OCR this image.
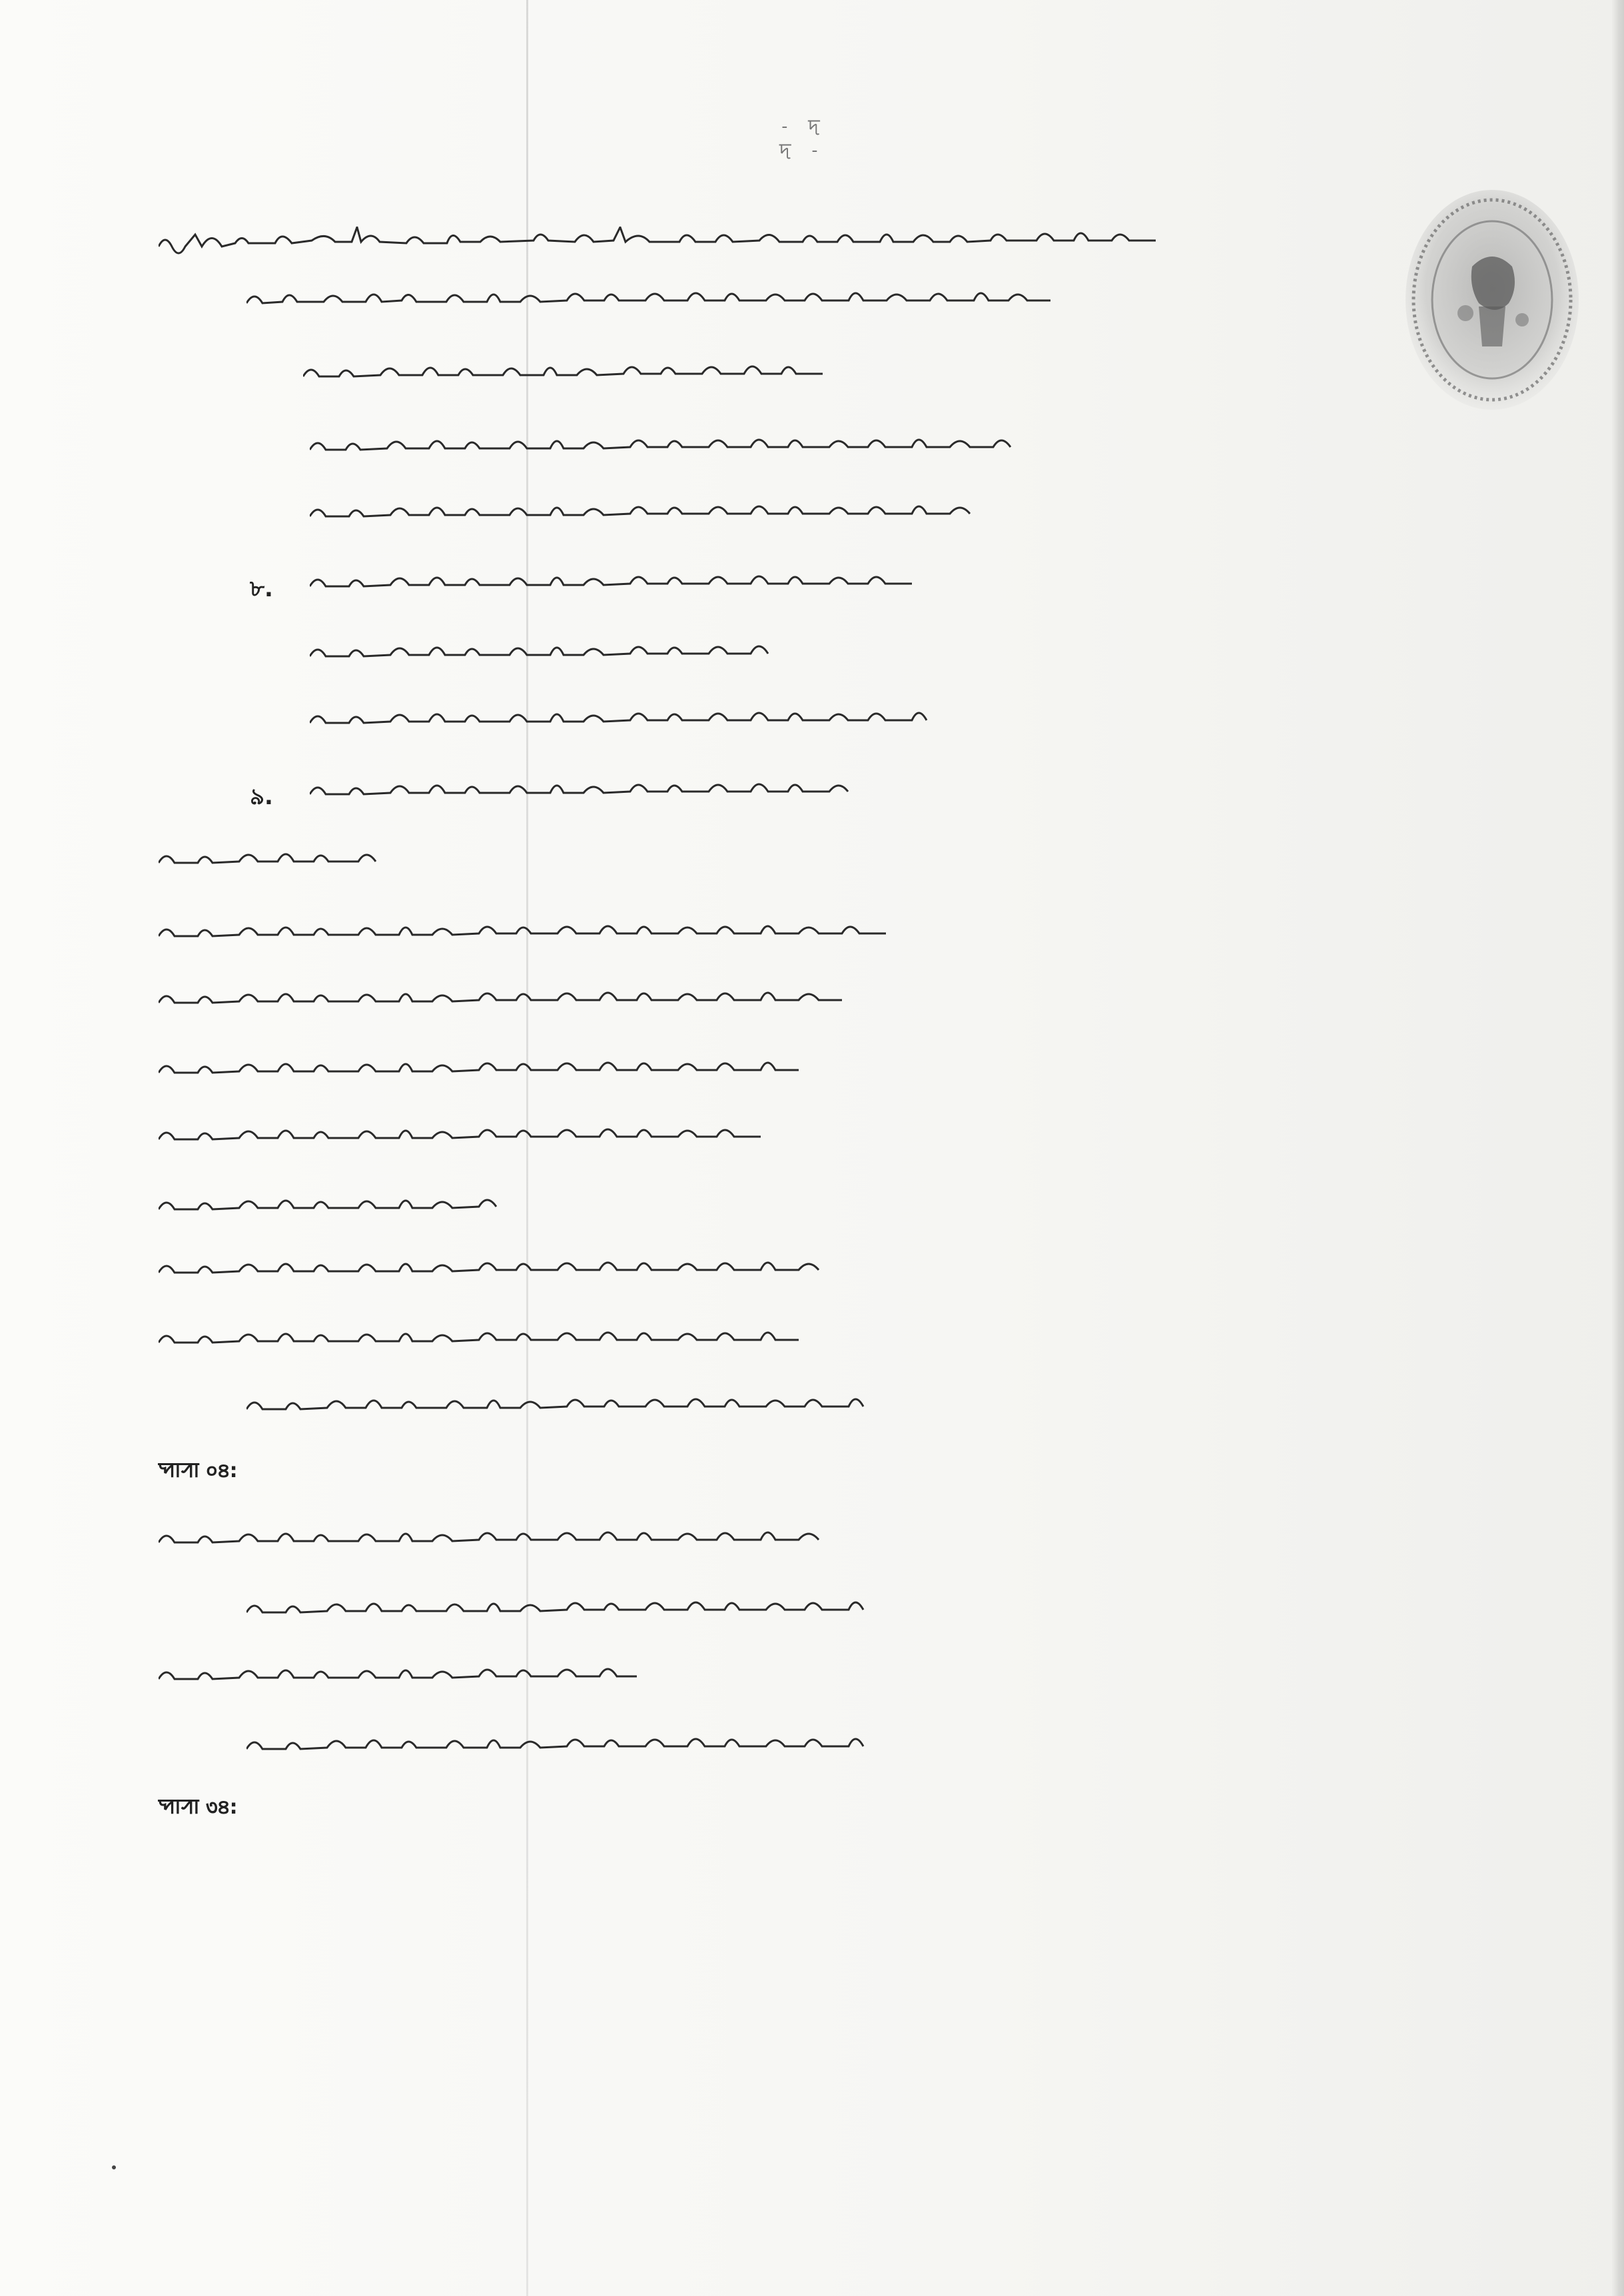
- ꠖ ꠖ -
৮.
৯.
ꠗꠣꠞꠣ ০৪:
ꠗꠣꠞꠣ ৩৪:
